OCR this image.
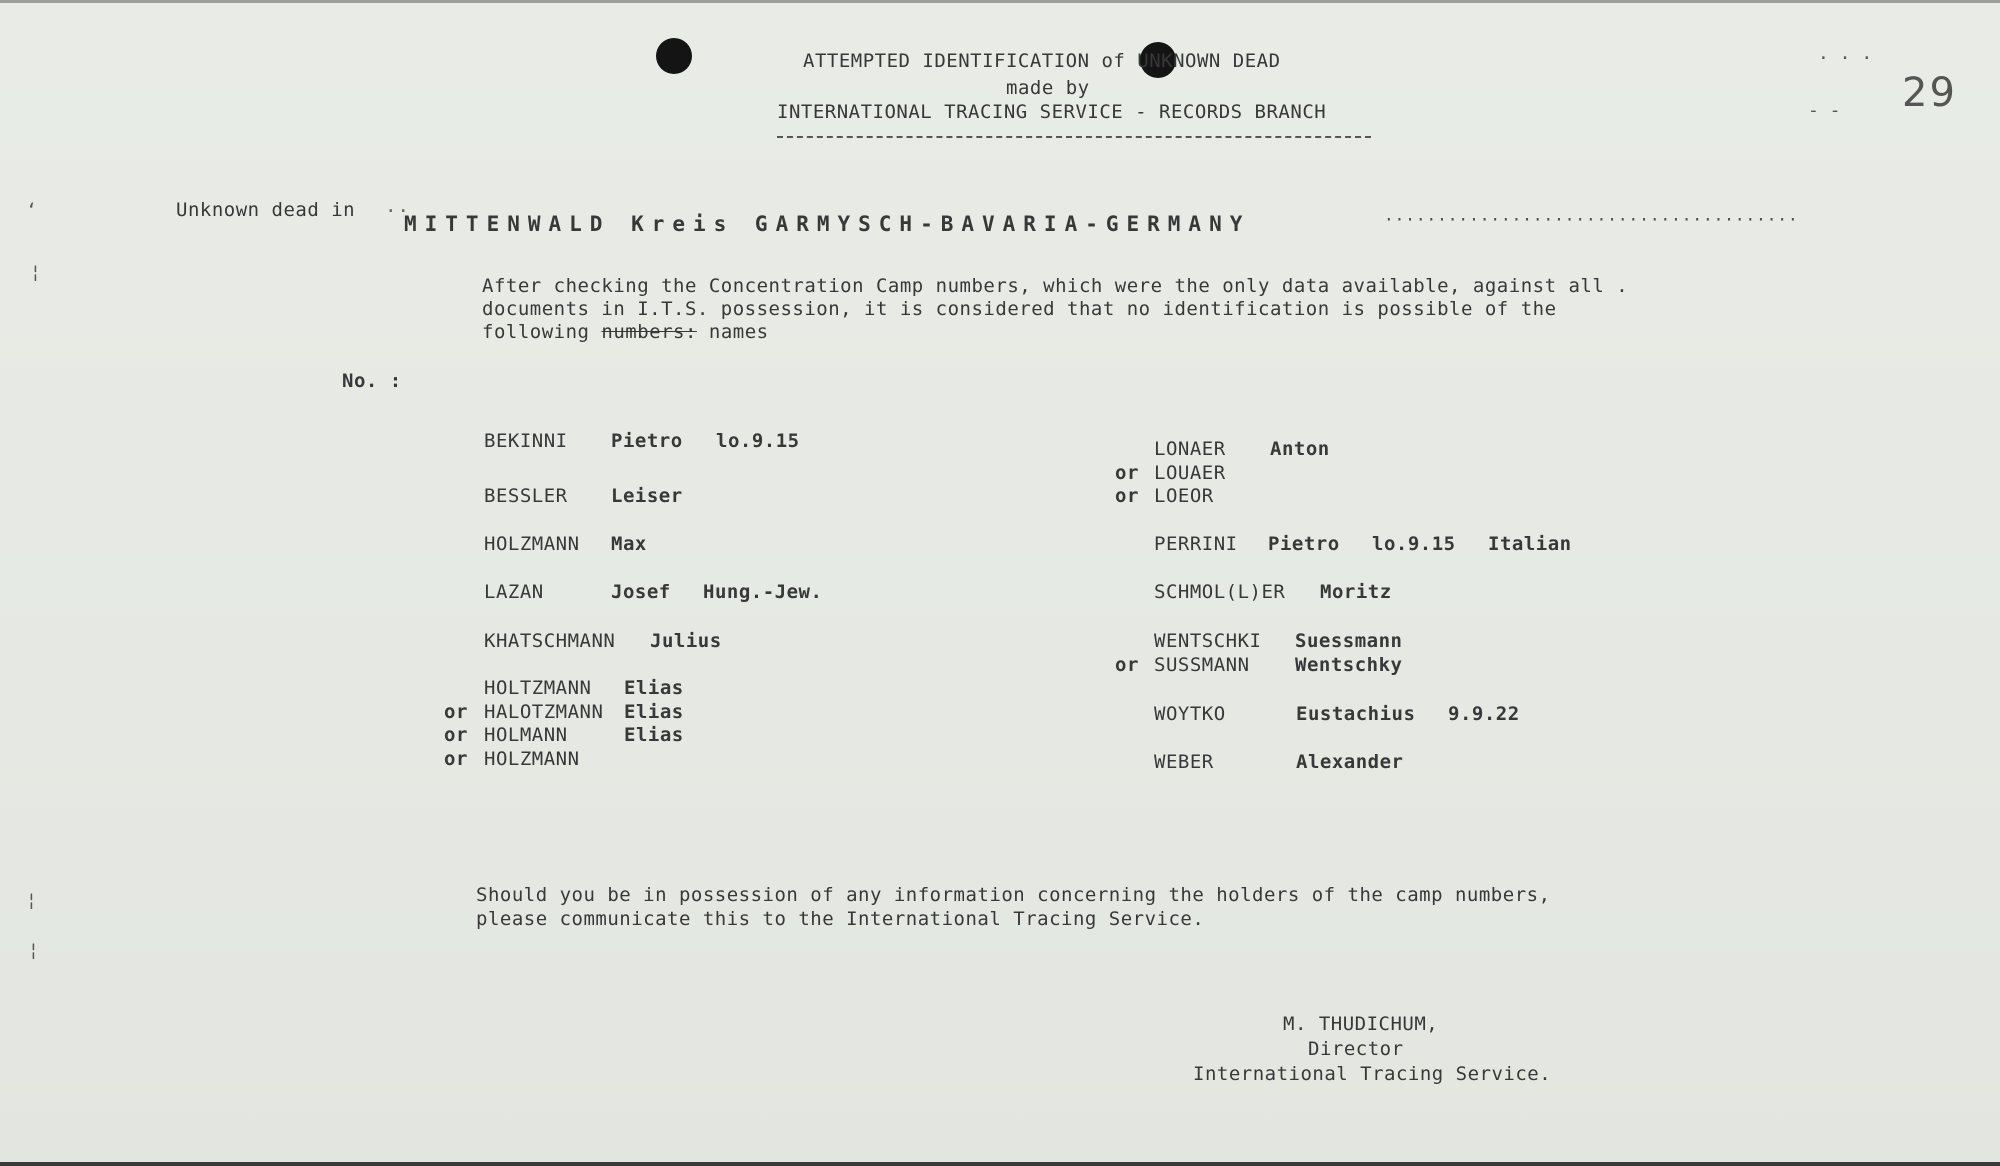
ATTEMPTED IDENTIFICATION of UNKNOWN DEAD
made by
INTERNATIONAL TRACING SERVICE - RECORDS BRANCH	29
· · ·
- -
‘
¦
¦
¦
Unknown dead in ··
MITTENWALD Kreis GARMYSCH-BAVARIA-GERMANY	·······································
After checking the Concentration Camp numbers, which were the only data available, against all .
documents in I.T.S. possession, it is considered that no identification is possible of the
following numbers: names
No. :
BEKINNI Pietro lo.9.15
BESSLER Leiser
HOLZMANN Max
LAZAN	Josef Hung.-Jew.
KHATSCHMANN Julius
HOLTZMANN Elias
or HALOTZMANN Elias
or HOLMANN	Elias
or HOLZMANN
LONAER Anton
or LOUAER
or LOEOR
PERRINI Pietro lo.9.15 Italian
SCHMOL(L)ER Moritz
WENTSCHKI Suessmann
or SUSSMANN Wentschky
WOYTKO	Eustachius 9.9.22
WEBER	Alexander
Should you be in possession of any information concerning the holders of the camp numbers,
please communicate this to the International Tracing Service.
M. THUDICHUM,
Director
International Tracing Service.
